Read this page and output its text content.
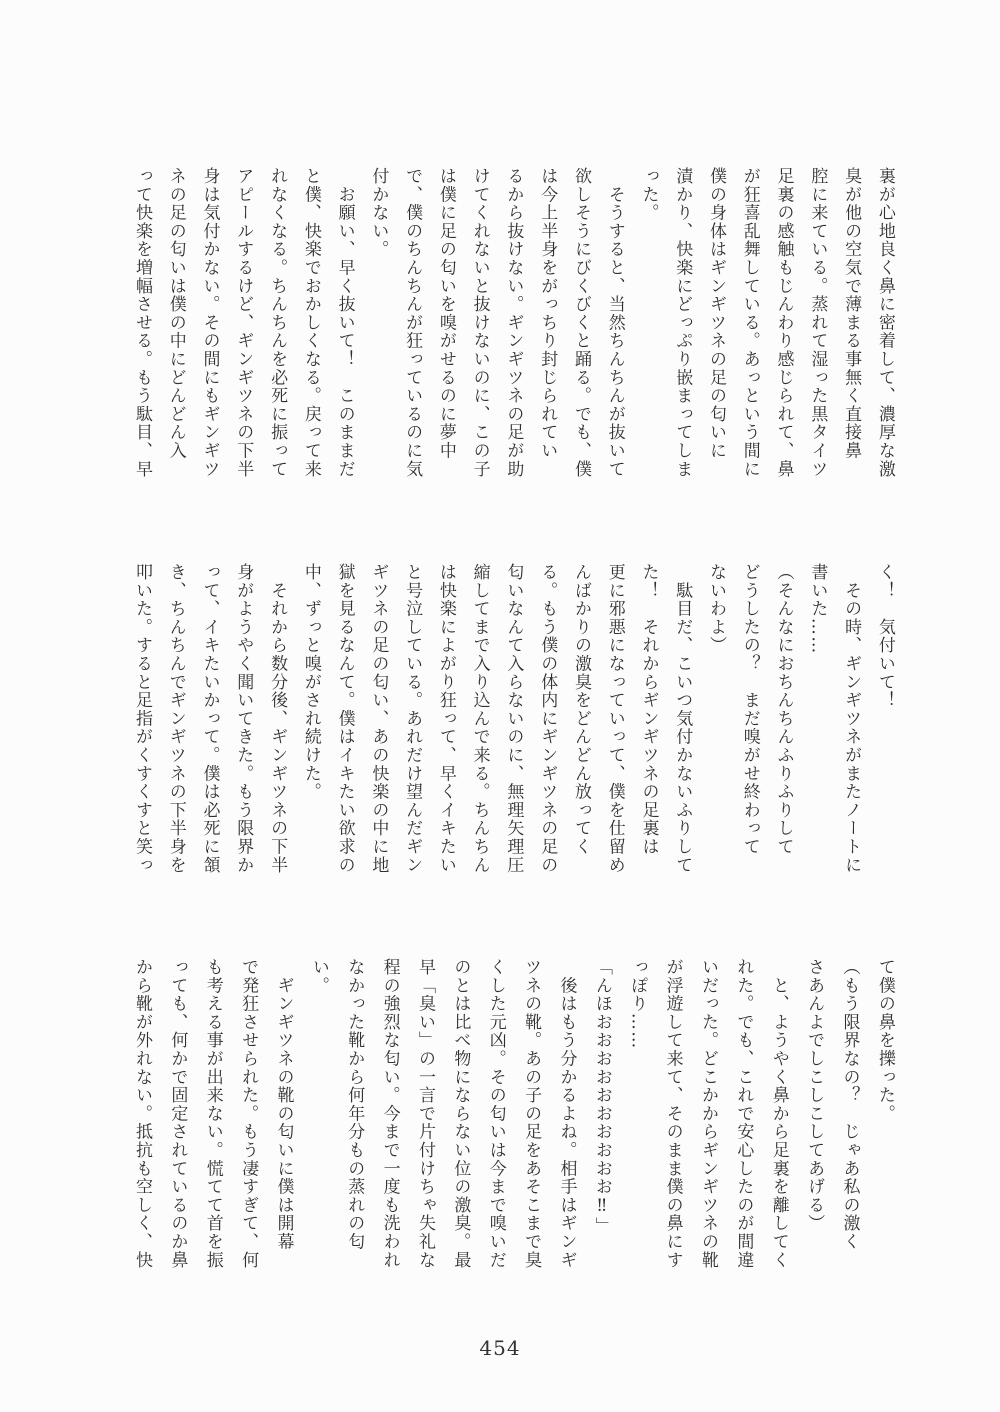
裏が心地良く鼻に密着して、濃厚な激
臭が他の空気で薄まる事無く直接鼻
腔に来ている。蒸れて湿った黒タイツ
足裏の感触もじんわり感じられて、鼻
が狂喜乱舞している。あっという間に
僕の身体はギンギツネの足の匂いに
漬かり、快楽にどっぷり嵌まってしま
った。
　そうすると、当然ちんちんが抜いて
欲しそうにびくびくと踊る。でも、僕
は今上半身をがっちり封じられてい
るから抜けない。ギンギツネの足が助
けてくれないと抜けないのに、この子
は僕に足の匂いを嗅がせるのに夢中
で、僕のちんちんが狂っているのに気
付かない。
　お願い、早く抜いて！　このままだ
と僕、快楽でおかしくなる。戻って来
れなくなる。ちんちんを必死に振って
アピールするけど、ギンギツネの下半
身は気付かない。その間にもギンギツ
ネの足の匂いは僕の中にどんどん入
って快楽を増幅させる。もう駄目、早
く！　気付いて！
　その時、ギンギツネがまたノートに
書いた……
（そんなにおちんちんふりふりして
どうしたの？　まだ嗅がせ終わって
ないわよ）
　駄目だ、こいつ気付かないふりして
た！　それからギンギツネの足裏は
更に邪悪になっていって、僕を仕留め
んばかりの激臭をどんどん放ってく
る。もう僕の体内にギンギツネの足の
匂いなんて入らないのに、無理矢理圧
縮してまで入り込んで来る。ちんちん
は快楽によがり狂って、早くイキたい
と号泣している。あれだけ望んだギン
ギツネの足の匂い、あの快楽の中に地
獄を見るなんて。僕はイキたい欲求の
中、ずっと嗅がされ続けた。
　それから数分後、ギンギツネの下半
身がようやく聞いてきた。もう限界か
って、イキたいかって。僕は必死に頷
き、ちんちんでギンギツネの下半身を
叩いた。すると足指がくすくすと笑っ
て僕の鼻を擽った。
（もう限界なの？　じゃあ私の激く
さあんよでしこしこしてあげる）
　と、ようやく鼻から足裏を離してく
れた。でも、これで安心したのが間違
いだった。どこかからギンギツネの靴
が浮遊して来て、そのまま僕の鼻にす
っぽり……
「んほおおおおおおおおおお‼」
　後はもう分かるよね。相手はギンギ
ツネの靴。あの子の足をあそこまで臭
くした元凶。その匂いは今まで嗅いだ
のとは比べ物にならない位の激臭。最
早「臭い」の一言で片付けちゃ失礼な
程の強烈な匂い。今まで一度も洗われ
なかった靴から何年分もの蒸れの匂
い。
　ギンギツネの靴の匂いに僕は開幕
で発狂させられた。もう凄すぎて、何
も考える事が出来ない。慌てて首を振
っても、何かで固定されているのか鼻
から靴が外れない。抵抗も空しく、快
454
